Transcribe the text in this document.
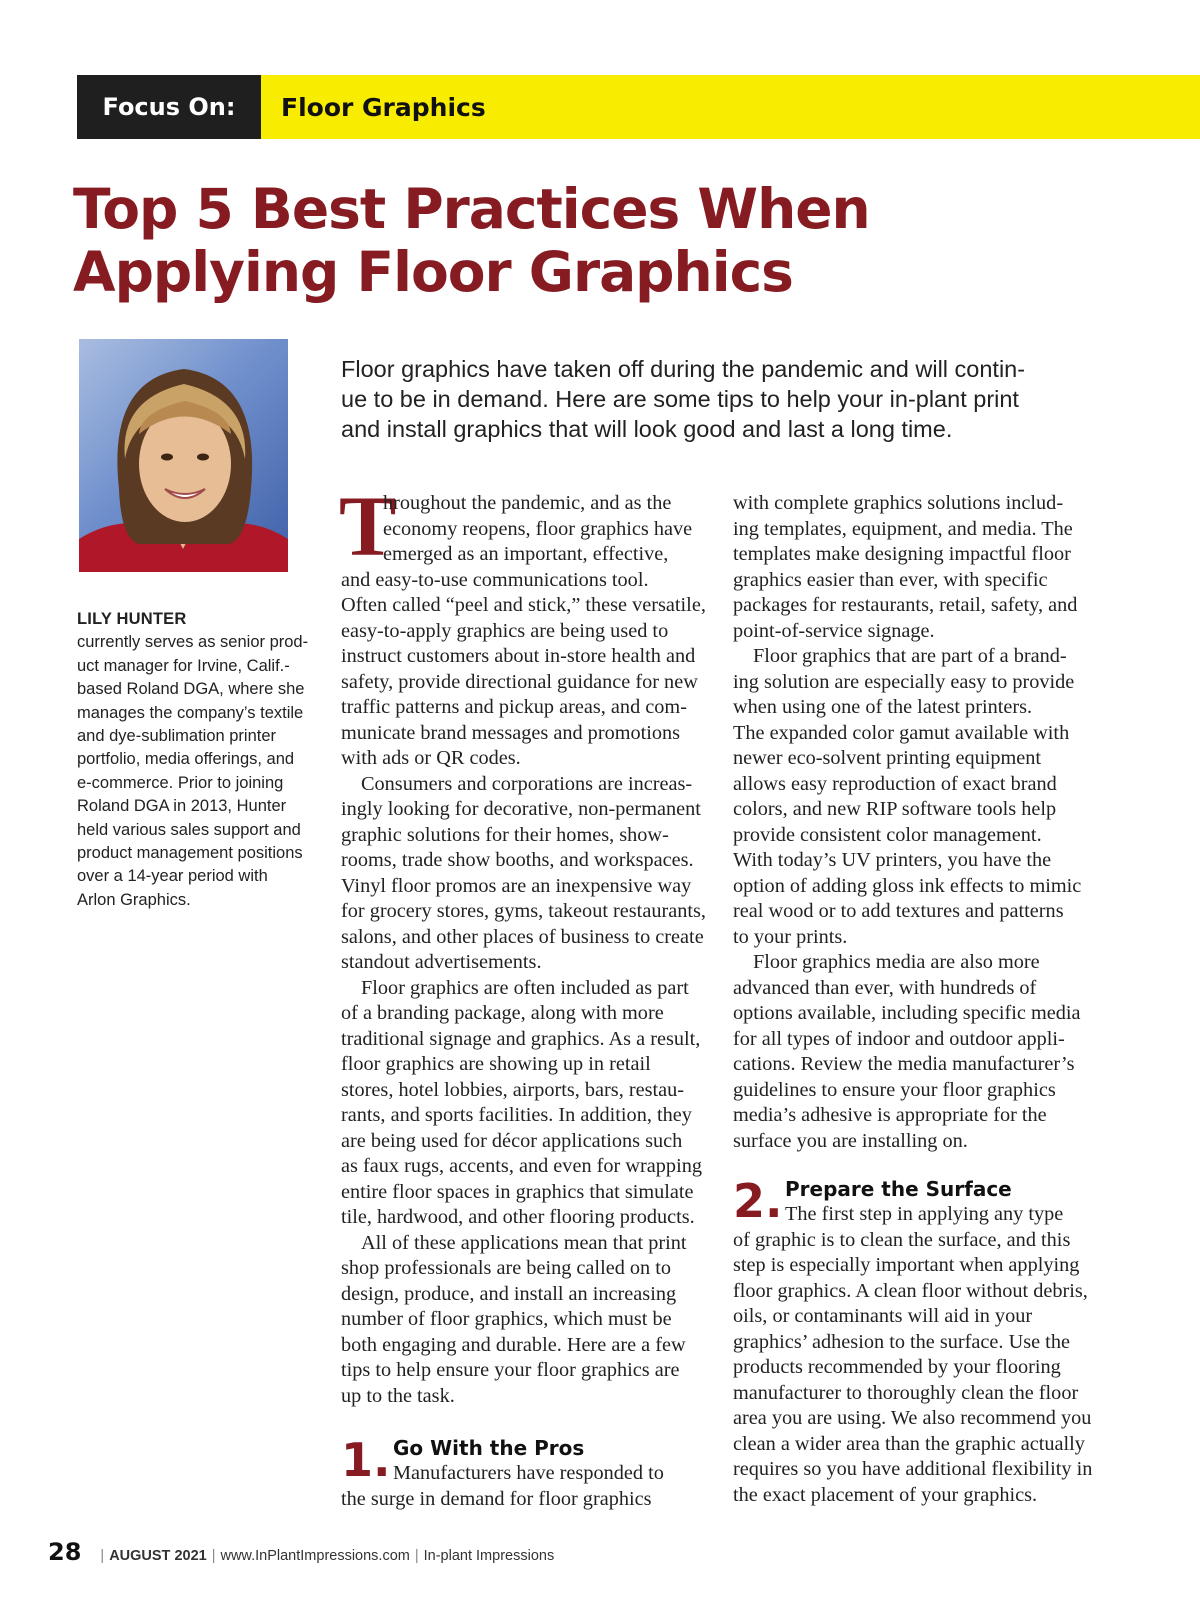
Focus On:	Floor Graphics
Top 5 Best Practices When
Applying Floor Graphics
LILY HUNTER
currently serves as senior prod-
uct manager for Irvine, Calif.-
based Roland DGA, where she
manages the company’s textile
and dye-sublimation printer
portfolio, media offerings, and
e-commerce. Prior to joining
Roland DGA in 2013, Hunter
held various sales support and
product management positions
over a 14-year period with
Arlon Graphics.

Floor graphics have taken off during the pandemic and will contin-
ue to be in demand. Here are some tips to help your in-plant print
and install graphics that will look good and last a long time.

T
hroughout the pandemic, and as the
economy reopens, floor graphics have
emerged as an important, effective,
and easy-to-use communications tool.
Often called “peel and stick,” these versatile,
easy-to-apply graphics are being used to
instruct customers about in-store health and
safety, provide directional guidance for new
traffic patterns and pickup areas, and com-
municate brand messages and promotions
with ads or QR codes.
Consumers and corporations are increas-
ingly looking for decorative, non-permanent
graphic solutions for their homes, show-
rooms, trade show booths, and workspaces.
Vinyl floor promos are an inexpensive way
for grocery stores, gyms, takeout restaurants,
salons, and other places of business to create
standout advertisements.
Floor graphics are often included as part
of a branding package, along with more
traditional signage and graphics. As a result,
floor graphics are showing up in retail
stores, hotel lobbies, airports, bars, restau-
rants, and sports facilities. In addition, they
are being used for décor applications such
as faux rugs, accents, and even for wrapping
entire floor spaces in graphics that simulate
tile, hardwood, and other flooring products.
All of these applications mean that print
shop professionals are being called on to
design, produce, and install an increasing
number of floor graphics, which must be
both engaging and durable. Here are a few
tips to help ensure your floor graphics are
up to the task.
1. Go With the Pros
Manufacturers have responded to
the surge in demand for floor graphics
with complete graphics solutions includ-
ing templates, equipment, and media. The
templates make designing impactful floor
graphics easier than ever, with specific
packages for restaurants, retail, safety, and
point-of-service signage.
Floor graphics that are part of a brand-
ing solution are especially easy to provide
when using one of the latest printers.
The expanded color gamut available with
newer eco-solvent printing equipment
allows easy reproduction of exact brand
colors, and new RIP software tools help
provide consistent color management.
With today’s UV printers, you have the
option of adding gloss ink effects to mimic
real wood or to add textures and patterns
to your prints.
Floor graphics media are also more
advanced than ever, with hundreds of
options available, including specific media
for all types of indoor and outdoor appli-
cations. Review the media manufacturer’s
guidelines to ensure your floor graphics
media’s adhesive is appropriate for the
surface you are installing on.
2. Prepare the Surface
The first step in applying any type
of graphic is to clean the surface, and this
step is especially important when applying
floor graphics. A clean floor without debris,
oils, or contaminants will aid in your
graphics’ adhesion to the surface. Use the
products recommended by your flooring
manufacturer to thoroughly clean the floor
area you are using. We also recommend you
clean a wider area than the graphic actually
requires so you have additional flexibility in
the exact placement of your graphics.
28 | AUGUST 2021 | www.InPlantImpressions.com | In-plant Impressions
